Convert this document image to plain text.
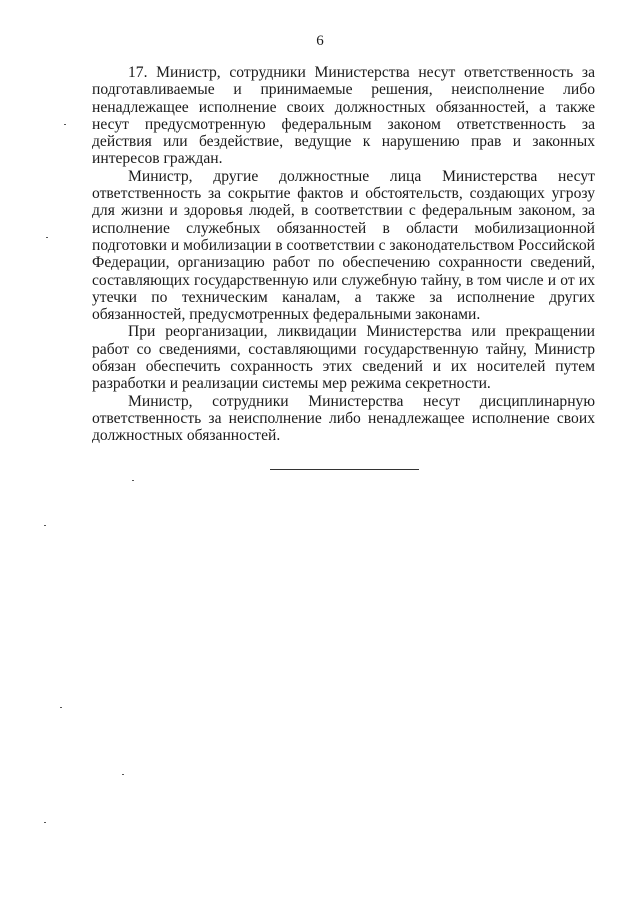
6

17. Министр, сотрудники Министерства несут ответственность за подготавливаемые и принимаемые решения, неисполнение либо ненадлежащее исполнение своих должностных обязанностей, а также несут предусмотренную федеральным законом ответственность за действия или бездействие, ведущие к нарушению прав и законных интересов граждан.

Министр, другие должностные лица Министерства несут ответственность за сокрытие фактов и обстоятельств, создающих угрозу для жизни и здоровья людей, в соответствии с федеральным законом, за исполнение служебных обязанностей в области мобилизационной подготовки и мобилизации в соответствии с законодательством Российской Федерации, организацию работ по обеспечению сохранности сведений, составляющих государственную или служебную тайну, в том числе и от их утечки по техническим каналам, а также за исполнение других обязанностей, предусмотренных федеральными законами.

При реорганизации, ликвидации Министерства или прекращении работ со сведениями, составляющими государственную тайну, Министр обязан обеспечить сохранность этих сведений и их носителей путем разработки и реализации системы мер режима секретности.

Министр, сотрудники Министерства несут дисциплинарную ответственность за неисполнение либо ненадлежащее исполнение своих должностных обязанностей.
